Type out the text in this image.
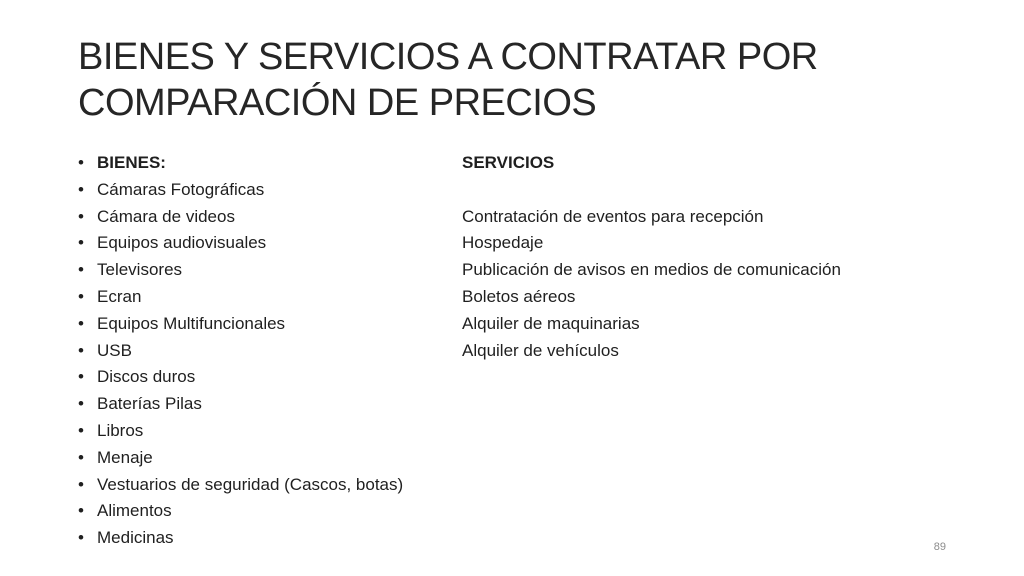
BIENES Y SERVICIOS A CONTRATAR POR
COMPARACIÓN DE PRECIOS
• BIENES:
• Cámaras Fotográficas
• Cámara de videos
• Equipos audiovisuales
• Televisores
• Ecran
• Equipos Multifuncionales
• USB
• Discos duros
• Baterías Pilas
• Libros
• Menaje
• Vestuarios de seguridad (Cascos, botas)
• Alimentos
• Medicinas
SERVICIOS
Contratación de eventos para recepción
Hospedaje
Publicación de avisos en medios de comunicación
Boletos aéreos
Alquiler de maquinarias
Alquiler de vehículos
89
